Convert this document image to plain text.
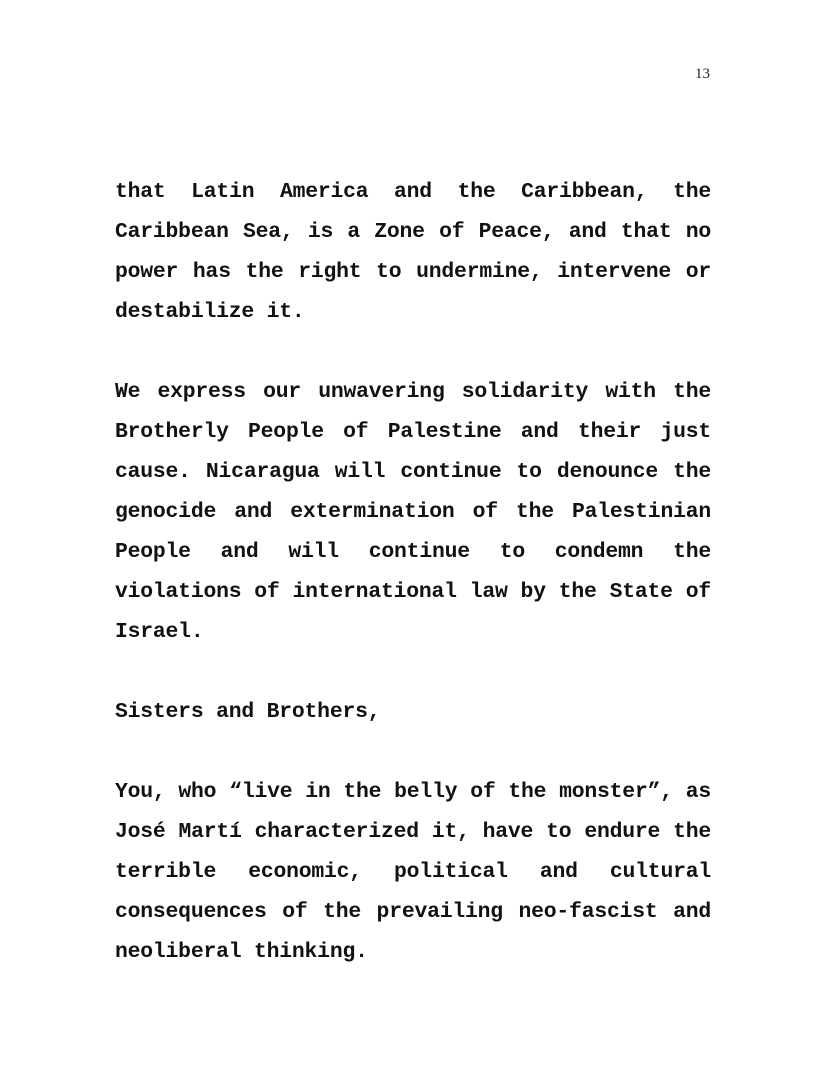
13

that Latin America and the Caribbean, the Caribbean Sea, is a Zone of Peace, and that no power has the right to undermine, intervene or destabilize it.

We express our unwavering solidarity with the Brotherly People of Palestine and their just cause. Nicaragua will continue to denounce the genocide and extermination of the Palestinian People and will continue to condemn the violations of international law by the State of Israel.

Sisters and Brothers,

You, who “live in the belly of the monster”, as José Martí characterized it, have to endure the terrible economic, political and cultural consequences of the prevailing neo-fascist and neoliberal thinking.
